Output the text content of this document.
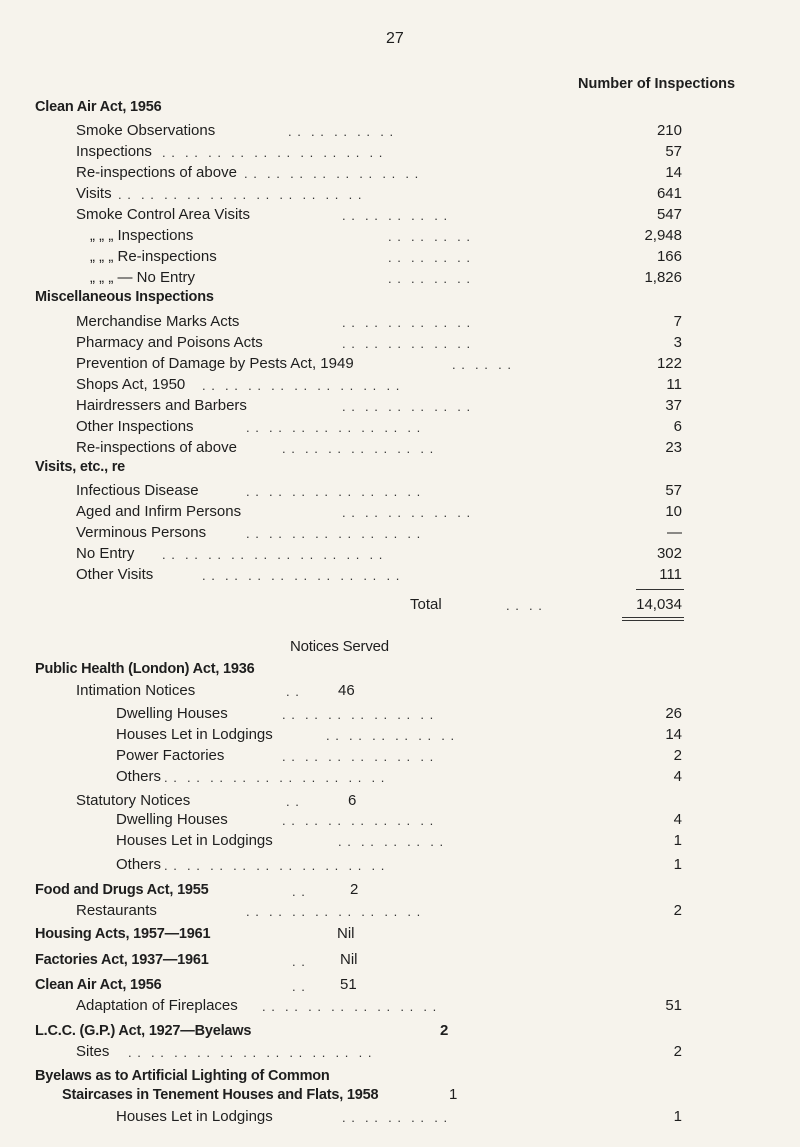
27
Number of Inspections
Clean Air Act, 1956
Smoke Observations	. .  . .  . .  . .  . .	210
Inspections . .  . .  . .  . .  . .  . .  . .  . .  . .  . .	57
Re-inspections of above . .  . .  . .  . .  . .  . .  . .  . .	14
Visits . .  . .  . .  . .  . .  . .  . .  . .  . .  . .  . .	641
Smoke Control Area Visits	. .  . .  . .  . .  . .	547
„ „ „ Inspections	. .  . .  . .  . .	2,948
„ „ „ Re-inspections	. .  . .  . .  . .	166
„ „ „ — No Entry	. .  . .  . .  . .	1,826
Miscellaneous Inspections
Merchandise Marks Acts	. .  . .  . .  . .  . .  . .	7
Pharmacy and Poisons Acts	. .  . .  . .  . .  . .  . .	3
Prevention of Damage by Pests Act, 1949	. .  . .  . .	122
Shops Act, 1950 . .  . .  . .  . .  . .  . .  . .  . .  . .	11
Hairdressers and Barbers	. .  . .  . .  . .  . .  . .	37
Other Inspections	. .  . .  . .  . .  . .  . .  . .  . .	6
Re-inspections of above	. .  . .  . .  . .  . .  . .  . .	23
Visits, etc., re
Infectious Disease	. .  . .  . .  . .  . .  . .  . .  . .	57
Aged and Infirm Persons	. .  . .  . .  . .  . .  . .	10
Verminous Persons	. .  . .  . .  . .  . .  . .  . .  . .	—
No Entry . .  . .  . .  . .  . .  . .  . .  . .  . .  . .	302
Other Visits	. .  . .  . .  . .  . .  . .  . .  . .  . .	111
Total	. .  . .	14,034
Notices Served
Public Health (London) Act, 1936
Intimation Notices	. .	46
Dwelling Houses	. .  . .  . .  . .  . .  . .  . .	26
Houses Let in Lodgings	. .  . .  . .  . .  . .  . .	14
Power Factories	. .  . .  . .  . .  . .  . .  . .	2
Others . .  . .  . .  . .  . .  . .  . .  . .  . .  . .	4
Statutory Notices	. .	6
Dwelling Houses	. .  . .  . .  . .  . .  . .  . .	4
Houses Let in Lodgings	. .  . .  . .  . .  . .	1
Others . .  . .  . .  . .  . .  . .  . .  . .  . .  . .	1
Food and Drugs Act, 1955	. .	2
Restaurants	. .  . .  . .  . .  . .  . .  . .  . .	2
Housing Acts, 1957—1961	Nil
Factories Act, 1937—1961	. . Nil
Clean Air Act, 1956	. . 51
Adaptation of Fireplaces . .  . .  . .  . .  . .  . .  . .  . .	51
L.C.C. (G.P.) Act, 1927—Byelaws	2
Sites . .  . .  . .  . .  . .  . .  . .  . .  . .  . .  . .	2
Byelaws as to Artificial Lighting of Common
Staircases in Tenement Houses and Flats, 1958	1
Houses Let in Lodgings	. .  . .  . .  . .  . .	1
